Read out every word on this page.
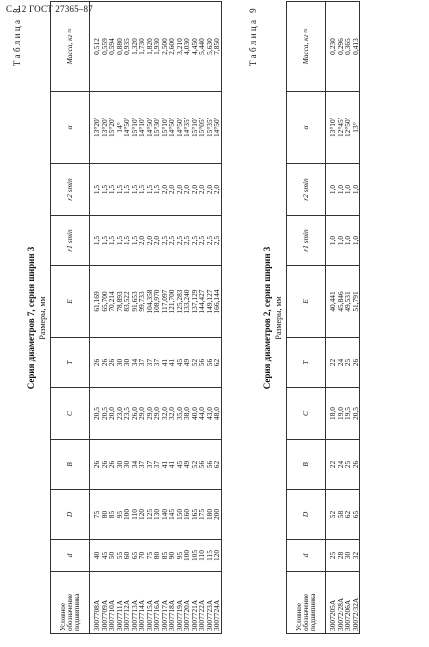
С. 12 ГОСТ 27365–87
Таблица 8
Серия диаметров 7, серия ширин 3 Размеры, мм
Условное обозначение подшипника	d	D	B	C	T	E	r1 smin	r2 smin	α	Масса, кг ≈
3007708A	40	75	26	20,5	26	61,169	1,5	1,5	13°20'	0,512
3007709A	45	80	26	20,5	26	65,700	1,5	1,5	13°20'	0,559
3007710A	50	85	26	20,0	26	70,214	1,5	1,5	15°20'	0,594
3007711A	55	95	30	23,0	30	78,893	1,5	1,5	14°	0,880
3007712A	60	100	30	23,5	30	83,522	1,5	1,5	14°50'	0,935
3007713A	65	110	34	26,0	34	91,653	1,5	1,5	15°10'	1,320
3007714A	70	120	37	29,0	37	99,733	2,0	1,5	14°10'	1,730
3007715A	75	125	37	29,0	37	104,358	2,0	1,5	14°50'	1,820
3007716A	80	130	37	29,0	37	108,970	2,0	1,5	15°30'	1,930
3007717A	85	140	41	32,0	41	117,097	2,5	2,0	15°10'	2,500
3007718A	90	145	41	32,0	41	121,700	2,5	2,0	14°50'	2,600
3007719A	95	150	45	35,0	45	125,283	2,5	2,0	14°50'	3,210
3007720A	100	160	49	38,0	49	133,240	2,5	2,0	14°35'	4,030
3007721A	105	165	52	40,0	52	137,129	2,5	2,0	15°10'	4,450
3007722A	110	175	56	44,0	56	144,427	2,5	2,0	15°05'	5,440
3007723A	115	180	56	43,0	56	149,127	2,5	2,0	15°35'	5,630
3007724A	120	200	62	48,0	62	166,144	2,5	2,0	14°50'	7,850	Таблица 9
Серия диаметров 2, серия ширин 3 Размеры, мм
Условное обозначение подшипника	d	D	B	C	T	E	r1 smin	r2 smin	α	Масса, кг ≈
3007205A	25	52	22	18,0	22	40,441	1,0	1,0	13°10'	0,230
30072/28A	28	58	24	19,0	24	45,846	1,0	1,0	12°45'	0,296
3007206A	30	62	25	19,5	25	49,531	1,0	1,0	12°50'	0,365
30072/32A	32	65	26	20,5	26	51,791	1,0	1,0	13°	0,413
